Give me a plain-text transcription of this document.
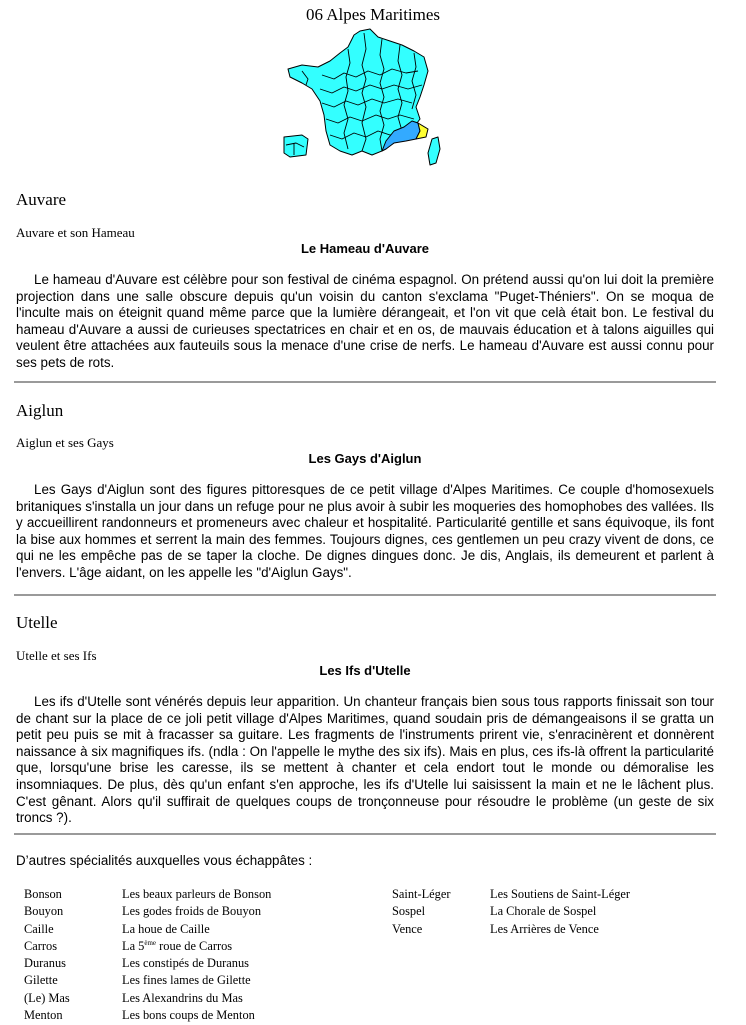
06 Alpes Maritimes
Auvare
Auvare et son Hameau
Le Hameau d'Auvare

Le hameau d'Auvare est célèbre pour son festival de cinéma espagnol. On prétend aussi qu'on lui doit la première projection dans une salle obscure depuis qu'un voisin du canton s'exclama "Puget-Théniers". On se moqua de l'inculte mais on éteignit quand même parce que la lumière dérangeait, et l'on vit que celà était bon. Le festival du hameau d'Auvare a aussi de curieuses spectatrices en chair et en os, de mauvais éducation et à talons aiguilles qui veulent être attachées aux fauteuils sous la menace d'une crise de nerfs. Le hameau d'Auvare est aussi connu pour ses pets de rots.

Aiglun
Aiglun et ses Gays
Les Gays d'Aiglun

Les Gays d'Aiglun sont des figures pittoresques de ce petit village d'Alpes Maritimes. Ce couple d'homosexuels britaniques s'installa un jour dans un refuge pour ne plus avoir à subir les moqueries des homophobes des vallées. Ils y accueillirent randonneurs et promeneurs avec chaleur et hospitalité. Particularité gentille et sans équivoque, ils font la bise aux hommes et serrent la main des femmes. Toujours dignes, ces gentlemen un peu crazy vivent de dons, ce qui ne les empêche pas de se taper la cloche. De dignes dingues donc. Je dis, Anglais, ils demeurent et parlent à l'envers. L'âge aidant, on les appelle les "d'Aiglun Gays".

Utelle
Utelle et ses Ifs
Les Ifs d'Utelle

Les ifs d'Utelle sont vénérés depuis leur apparition. Un chanteur français bien sous tous rapports finissait son tour de chant sur la place de ce joli petit village d'Alpes Maritimes, quand soudain pris de démangeaisons il se gratta un petit peu puis se mit à fracasser sa guitare. Les fragments de l'instruments prirent vie, s'enracinèrent et donnèrent naissance à six magnifiques ifs. (ndla : On l'appelle le mythe des six ifs). Mais en plus, ces ifs-là offrent la particularité que, lorsqu'une brise les caresse, ils se mettent à chanter et cela endort tout le monde ou démoralise les insomniaques. De plus, dès qu'un enfant s'en approche, les ifs d'Utelle lui saisissent la main et ne le lâchent plus. C'est gênant. Alors qu'il suffirait de quelques coups de tronçonneuse pour résoudre le problème (un geste de six troncs ?).

D’autres spécialités auxquelles vous échappâtes :
Bonson	Les beaux parleurs de Bonson
Bouyon	Les godes froids de Bouyon
Caille	La houe de Caille
Carros	La 5ème roue de Carros
Duranus	Les constipés de Duranus
Gilette	Les fines lames de Gilette
(Le) Mas	Les Alexandrins du Mas
Menton	Les bons coups de Menton
Saint-Léger	Les Soutiens de Saint-Léger
Sospel	La Chorale de Sospel
Vence	Les Arrières de Vence
